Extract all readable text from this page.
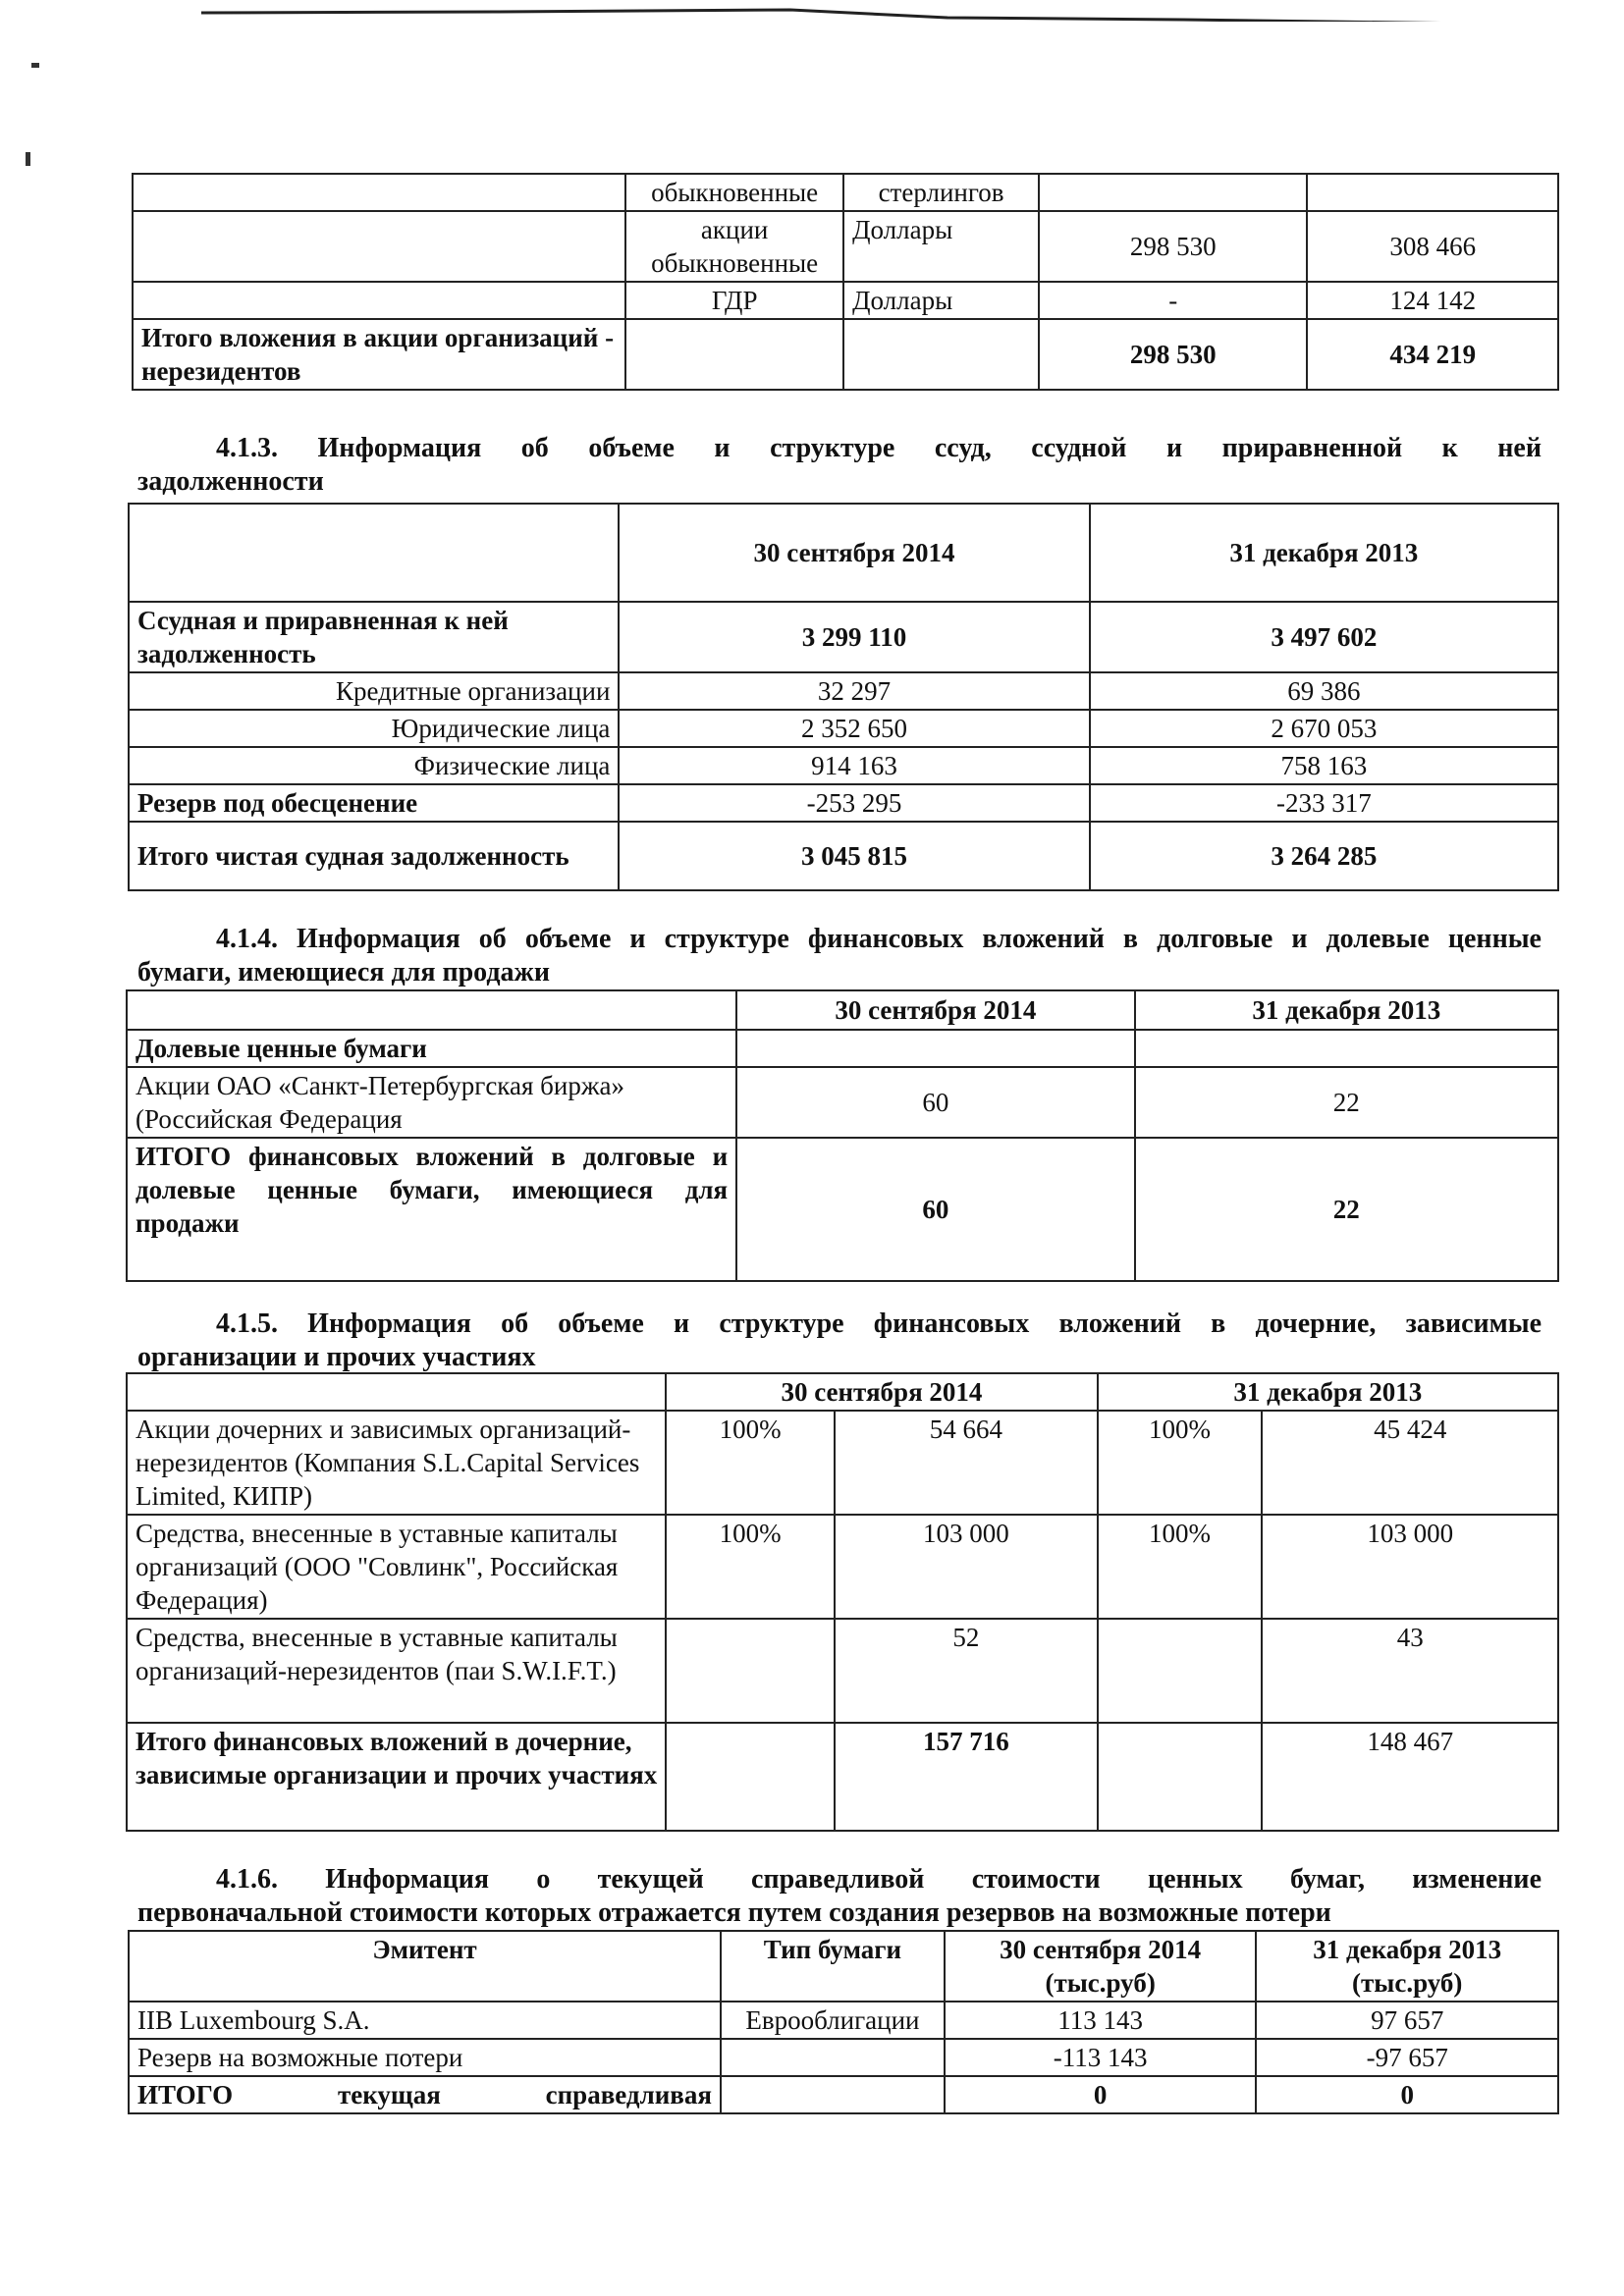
	обыкновенные	стерлингов		
	акции обыкновенные	Доллары	298 530	308 466
	ГДР	Доллары	-	124 142
Итого вложения в акции организаций - нерезидентов			298 530	434 219
4.1.3. Информация об объеме и структуре ссуд, ссудной и приравненной к ней
задолженности
	30 сентября 2014	31 декабря 2013
Ссудная и приравненная к ней задолженность	3 299 110	3 497 602
Кредитные организации	32 297	69 386
Юридические лица	2 352 650	2 670 053
Физические лица	914 163	758 163
Резерв под обесценение	-253 295	-233 317
Итого чистая судная задолженность	3 045 815	3 264 285
4.1.4. Информация об объеме и структуре финансовых вложений в долговые и долевые ценные
бумаги, имеющиеся для продажи
	30 сентября 2014	31 декабря 2013
Долевые ценные бумаги		
Акции ОАО «Санкт-Петербургская биржа» (Российская Федерация	60	22
ИТОГО финансовых вложений в долговые и долевые ценные бумаги, имеющиеся для продажи	60	22
4.1.5. Информация об объеме и структуре финансовых вложений в дочерние, зависимые
организации и прочих участиях
	30 сентября 2014		31 декабря 2013	
Акции дочерних и зависимых организаций-нерезидентов (Компания S.L.Capital Services Limited, КИПР)	100%	54 664	100%	45 424
Средства, внесенные в уставные капиталы организаций (ООО "Совлинк", Российская Федерация)	100%	103 000	100%	103 000
Средства, внесенные в уставные капиталы организаций-нерезидентов (паи S.W.I.F.T.)		52		43
Итого финансовых вложений в дочерние, зависимые организации и прочих участиях		157 716		148 467
4.1.6. Информация о текущей справедливой стоимости ценных бумаг, изменение
первоначальной стоимости которых отражается путем создания резервов на возможные потери
Эмитент	Тип бумаги	30 сентября 2014 (тыс.руб)	31 декабря 2013 (тыс.руб)
IIB Luxembourg S.A.	Еврооблигации	113 143	97 657
Резерв на возможные потери		-113 143	-97 657
ИТОГО текущая справедливая		0	0
